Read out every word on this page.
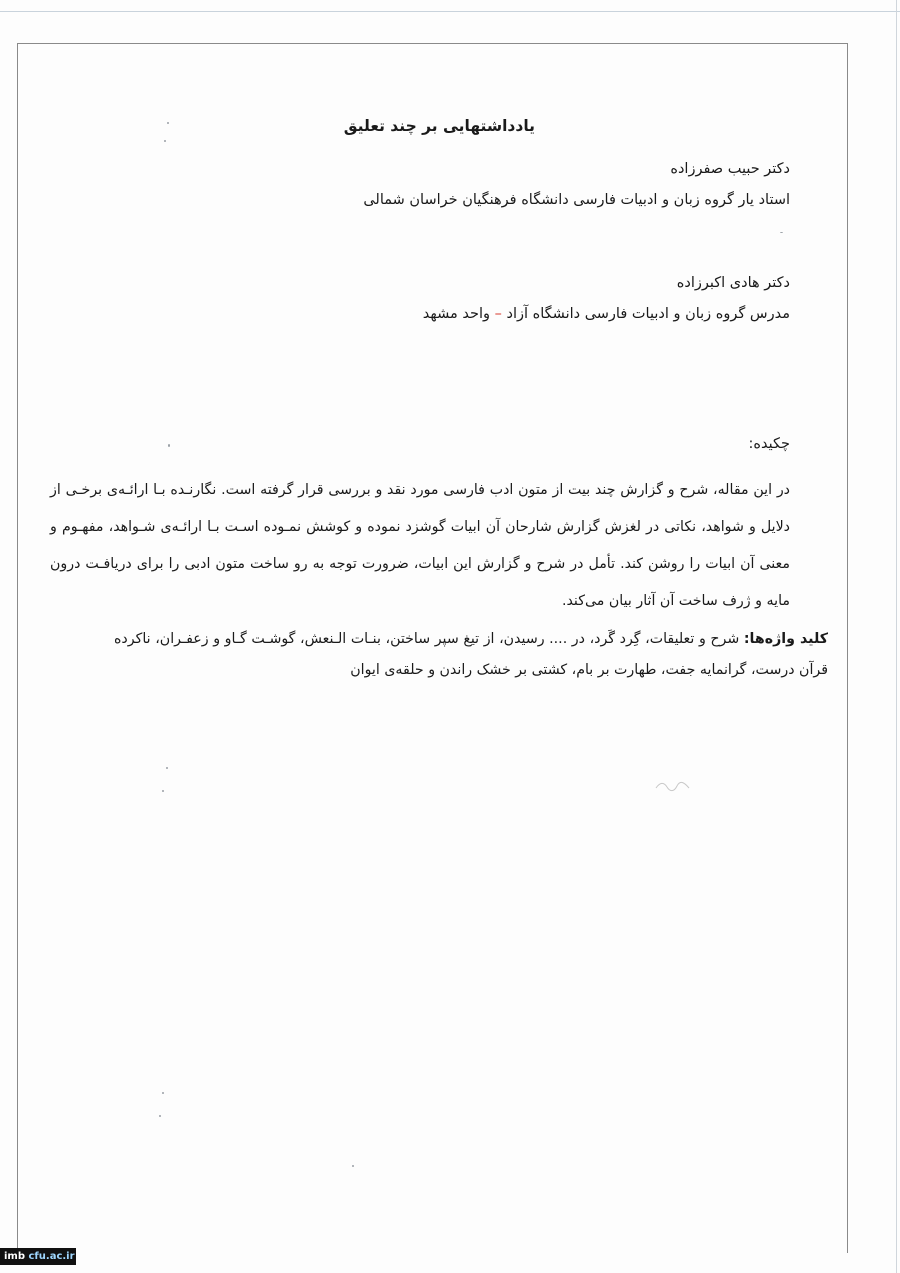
یادداشتهایی بر چند تعلیق
دکتر حبیب صفرزاده
استاد یار گروه زبان و ادبیات فارسی دانشگاه فرهنگیان خراسان شمالی
دکتر هادی اکبرزاده
مدرس گروه زبان و ادبیات فارسی دانشگاه آزاد – واحد مشهد
چکیده:
در این مقاله، شرح و گزارش چند بیت از متون ادب فارسی مورد نقد و بررسی قرار گرفته است. نگارنـده بـا ارائـه‌ی برخـی از دلایل و شواهد، نکاتی در لغزش گزارش شارحان آن ابیات گوشزد نموده و کوشش نمـوده اسـت بـا ارائـه‌ی شـواهد، مفهـوم و معنی آن ابیات را روشن کند. تأمل در شرح و گزارش این ابیات، ضرورت توجه به رو ساخت متون ادبی را برای دریافـت درون مایه و ژرف ساخت آن آثار بیان می‌کند.
کلید واژه‌ها: شرح و تعلیقات، گِرد گَرد، در .... رسیدن، از تیغ سپر ساختن، بنـات الـنعش، گوشـت گـاو و زعفـران، ناکرده قرآن درست، گرانمایه جفت، طهارت بر بام، کشتی بر خشک راندن و حلقه‌ی ایوان
imb cfu.ac.ir
